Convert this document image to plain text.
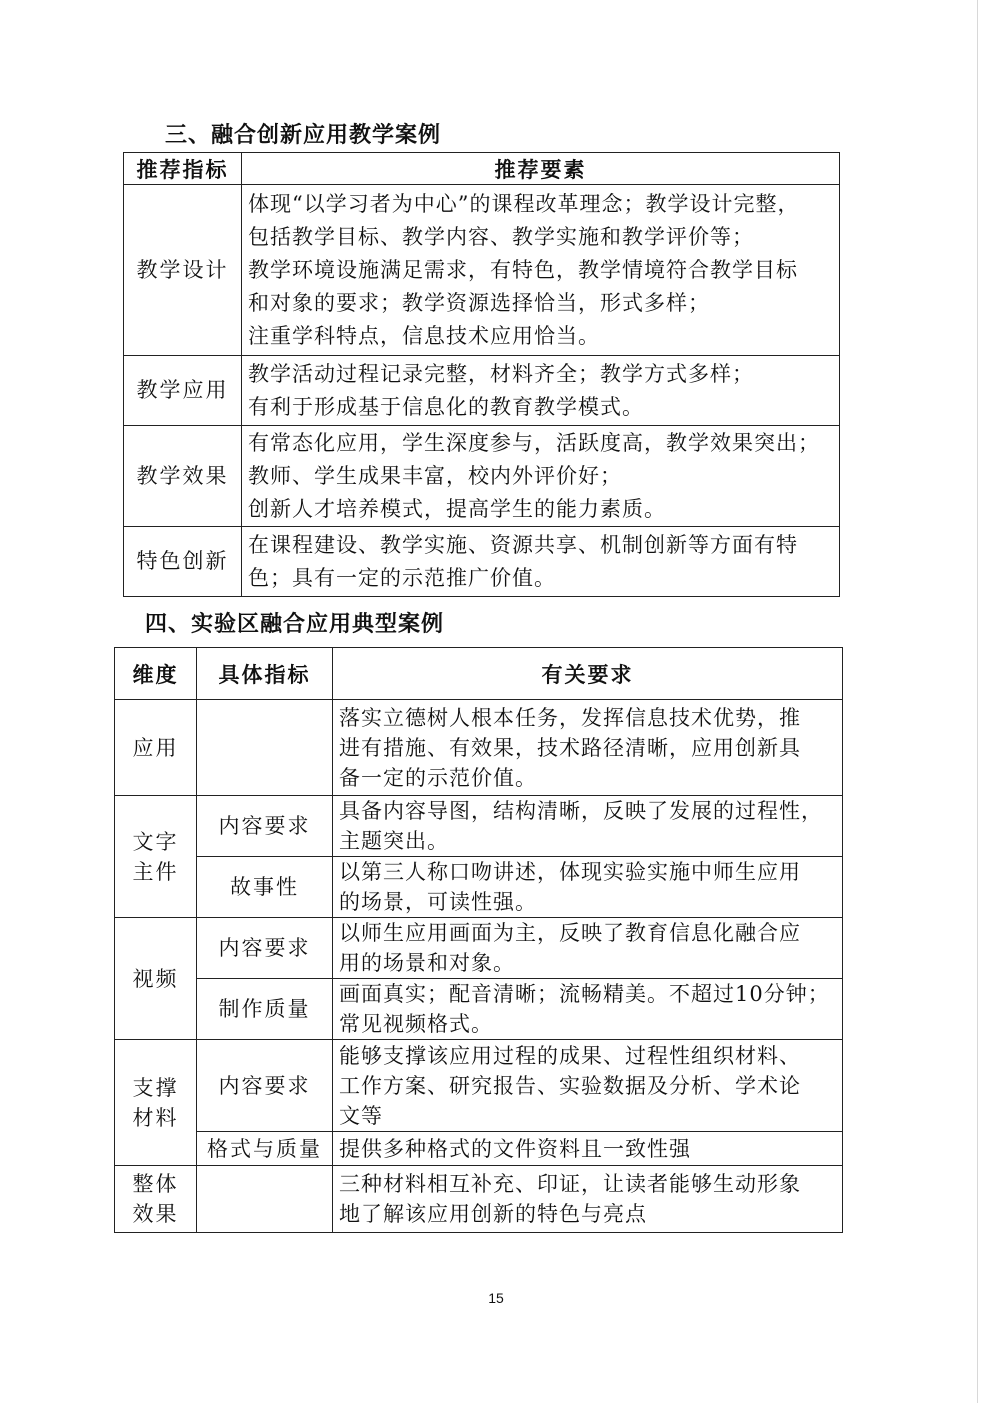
三、融合创新应用教学案例
推荐指标	推荐要素
教学设计	体现“以学习者为中心”的课程改革理念；教学设计完整，
包括教学目标、教学内容、教学实施和教学评价等；
教学环境设施满足需求，有特色，教学情境符合教学目标
和对象的要求；教学资源选择恰当，形式多样；
注重学科特点，信息技术应用恰当。

教学应用	教学活动过程记录完整，材料齐全；教学方式多样；
有利于形成基于信息化的教育教学模式。

教学效果	有常态化应用，学生深度参与，活跃度高，教学效果突出；
教师、学生成果丰富，校内外评价好；
创新人才培养模式，提高学生的能力素质。

特色创新	在课程建设、教学实施、资源共享、机制创新等方面有特
色；具有一定的示范推广价值。
四、实验区融合应用典型案例
维度	具体指标	有关要求

应用		落实立德树人根本任务，发挥信息技术优势，推
进有措施、有效果，技术路径清晰，应用创新具
备一定的示范价值。

文字
主件	内容要求	具备内容导图，结构清晰，反映了发展的过程性，
主题突出。

	故事性	以第三人称口吻讲述，体现实验实施中师生应用
的场景，可读性强。

视频	内容要求	以师生应用画面为主，反映了教育信息化融合应
用的场景和对象。

	制作质量	画面真实；配音清晰；流畅精美。不超过10分钟；
常见视频格式。

支撑
材料	内容要求	能够支撑该应用过程的成果、过程性组织材料、
工作方案、研究报告、实验数据及分析、学术论
文等

	格式与质量	提供多种格式的文件资料且一致性强

整体
效果		三种材料相互补充、印证，让读者能够生动形象
地了解该应用创新的特色与亮点
15
